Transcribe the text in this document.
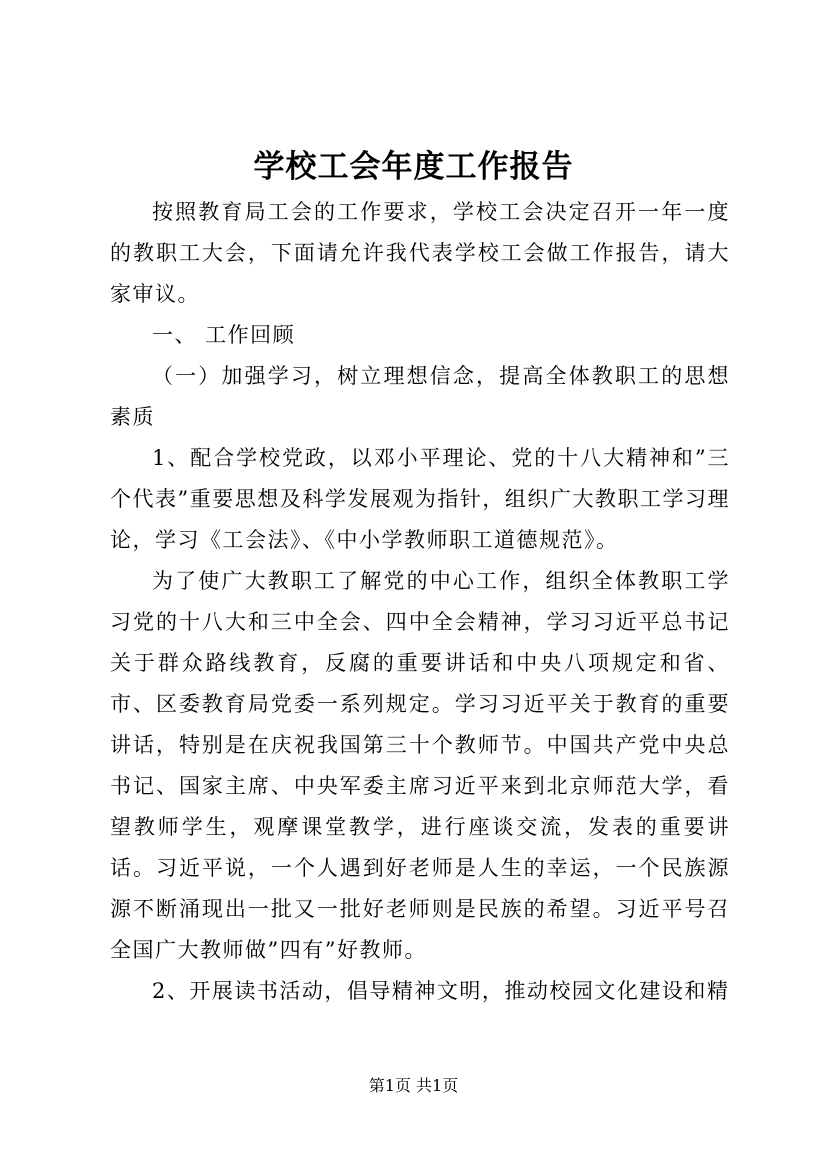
学校工会年度工作报告

按照教育局工会的工作要求，学校工会决定召开一年一度的教职工大会，下面请允许我代表学校工会做工作报告，请大家审议。

一、 工作回顾

（一）加强学习，树立理想信念，提高全体教职工的思想素质

1、配合学校党政，以邓小平理论、党的十八大精神和”三个代表”重要思想及科学发展观为指针，组织广大教职工学习理论，学习《工会法》、《中小学教师职工道德规范》。

为了使广大教职工了解党的中心工作，组织全体教职工学习党的十八大和三中全会、四中全会精神，学习习近平总书记关于群众路线教育，反腐的重要讲话和中央八项规定和省、市、区委教育局党委一系列规定。学习习近平关于教育的重要讲话，特别是在庆祝我国第三十个教师节。中国共产党中央总书记、国家主席、中央军委主席习近平来到北京师范大学，看望教师学生，观摩课堂教学，进行座谈交流，发表的重要讲话。习近平说，一个人遇到好老师是人生的幸运，一个民族源源不断涌现出一批又一批好老师则是民族的希望。习近平号召全国广大教师做”四有”好教师。

2、开展读书活动，倡导精神文明，推动校园文化建设和精

第1页 共1页
